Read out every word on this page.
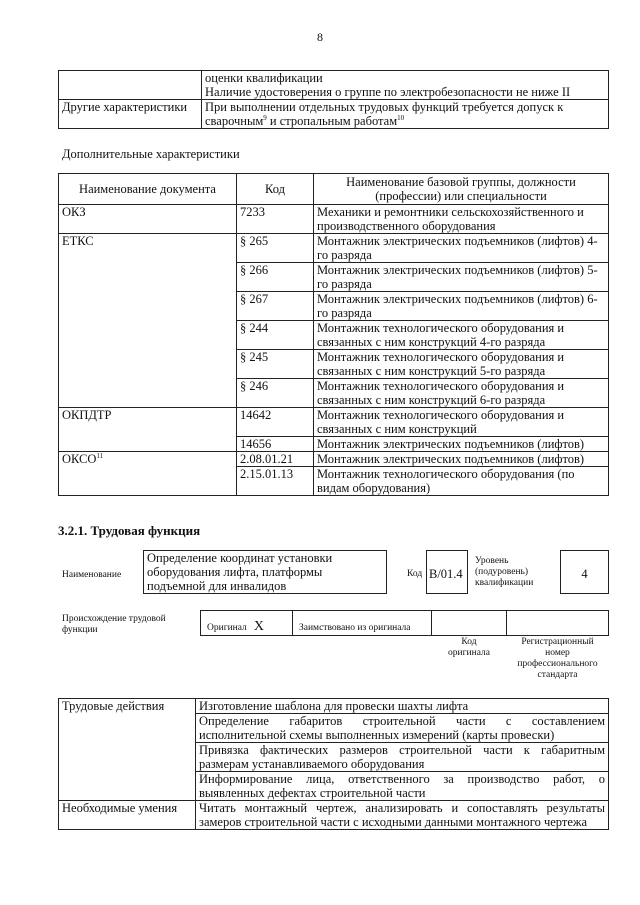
8

	оценки квалификации
Наличие удостоверения о группе по электробезопасности не ниже II

Другие характеристики	При выполнении отдельных трудовых функций требуется допуск к
сварочным$^9$ и стропальным работам$^{10}$
Дополнительные характеристики
Наименование документа	Код	Наименование базовой группы, должности (профессии) или специальности
ОКЗ	7233	Механики и ремонтники сельскохозяйственного и производственного оборудования
ЕТКС	§ 265	Монтажник электрических подъемников (лифтов) 4-го разряда
	§ 266	Монтажник электрических подъемников (лифтов) 5-го разряда
	§ 267	Монтажник электрических подъемников (лифтов) 6-го разряда
	§ 244	Монтажник технологического оборудования и связанных с ним конструкций 4-го разряда
	§ 245	Монтажник технологического оборудования и связанных с ним конструкций 5-го разряда
	§ 246	Монтажник технологического оборудования и связанных с ним конструкций 6-го разряда
ОКПДТР	14642	Монтажник технологического оборудования и связанных с ним конструкций
	14656	Монтажник электрических подъемников (лифтов)
ОКСО$^{11}$	2.08.01.21	Монтажник электрических подъемников (лифтов)
	2.15.01.13	Монтажник технологического оборудования (по видам оборудования)
3.2.1. Трудовая функция
Наименование
Определение координат установки
оборудования лифта, платформы
подъемной для инвалидов
Код B/01.4
Уровень
(подуровень)
квалификации
4
Происхождение трудовой
функции	Оригинал X	Заимствовано из оригинала
Код
оригинала
Регистрационный
номер
профессионального
стандарта
Трудовые действия	Изготовление шаблона для провески шахты лифта

	Определение габаритов строительной части с составлением
исполнительной схемы выполненных измерений (карты провески)

	Привязка фактических размеров строительной части к габаритным
размерам устанавливаемого оборудования

	Информирование лица, ответственного за производство работ, о
выявленных дефектах строительной части

Необходимые умения	Читать монтажный чертеж, анализировать и сопоставлять результаты
замеров строительной части с исходными данными монтажного чертежа
